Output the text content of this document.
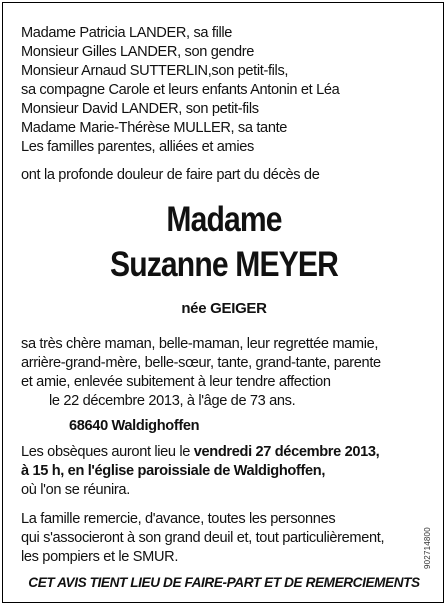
Madame Patricia LANDER, sa fille
Monsieur Gilles LANDER, son gendre
Monsieur Arnaud SUTTERLIN,son petit-fils,
sa compagne Carole et leurs enfants Antonin et Léa
Monsieur David LANDER, son petit-fils
Madame Marie-Thérèse MULLER, sa tante
Les familles parentes, alliées et amies
ont la profonde douleur de faire part du décès de
Madame
Suzanne MEYER
née GEIGER
sa très chère maman, belle-maman, leur regrettée mamie,
arrière-grand-mère, belle-sœur, tante, grand-tante, parente
et amie, enlevée subitement à leur tendre affection
le 22 décembre 2013, à l'âge de 73 ans.
68640 Waldighoffen
Les obsèques auront lieu le vendredi 27 décembre 2013,
à 15 h, en l'église paroissiale de Waldighoffen,
où l'on se réunira.
La famille remercie, d'avance, toutes les personnes
qui s'associeront à son grand deuil et, tout particulièrement,
les pompiers et le SMUR.
CET AVIS TIENT LIEU DE FAIRE-PART ET DE REMERCIEMENTS
902714800
